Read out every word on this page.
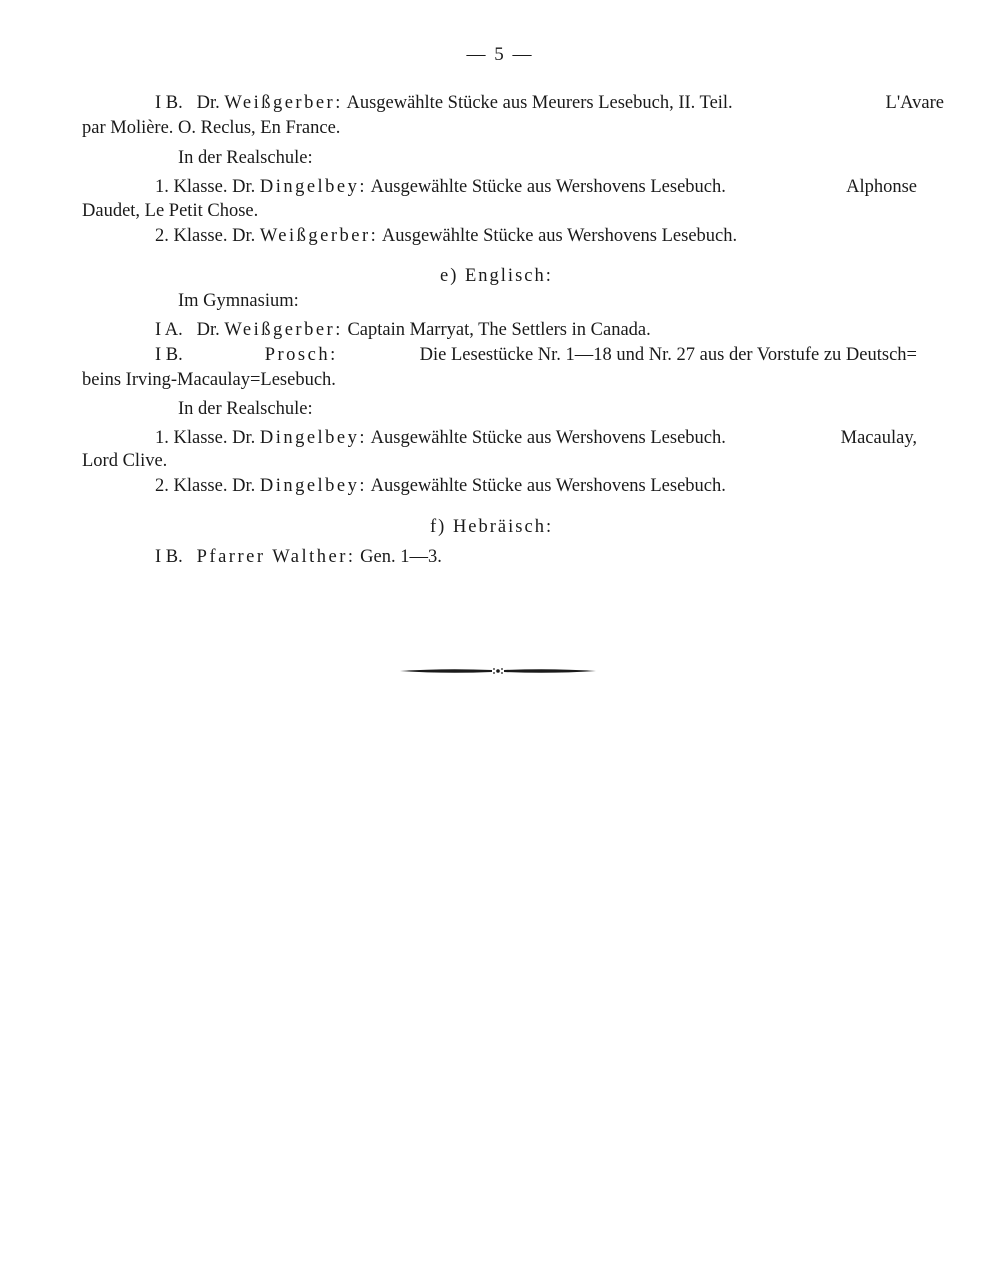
— 5 —
I B. Dr. Weißgerber: Ausgewählte Stücke aus Meurers Lesebuch, II. Teil.	L'Avare
par Molière. O. Reclus, En France.
In der Realschule:
1. Klasse. Dr. Dingelbey: Ausgewählte Stücke aus Wershovens Lesebuch.	Alphonse
Daudet, Le Petit Chose.
2. Klasse. Dr. Weißgerber: Ausgewählte Stücke aus Wershovens Lesebuch.
e) Englisch:
Im Gymnasium:
I A. Dr. Weißgerber: Captain Marryat, The Settlers in Canada.
I B.	Prosch:	Die Lesestücke Nr. 1—18 und Nr. 27 aus der Vorstufe zu Deutsch=
beins Irving-Macaulay=Lesebuch.
In der Realschule:
1. Klasse. Dr. Dingelbey: Ausgewählte Stücke aus Wershovens Lesebuch.	Macaulay,
Lord Clive.
2. Klasse. Dr. Dingelbey: Ausgewählte Stücke aus Wershovens Lesebuch.
f) Hebräisch:
I B. Pfarrer Walther: Gen. 1—3.
